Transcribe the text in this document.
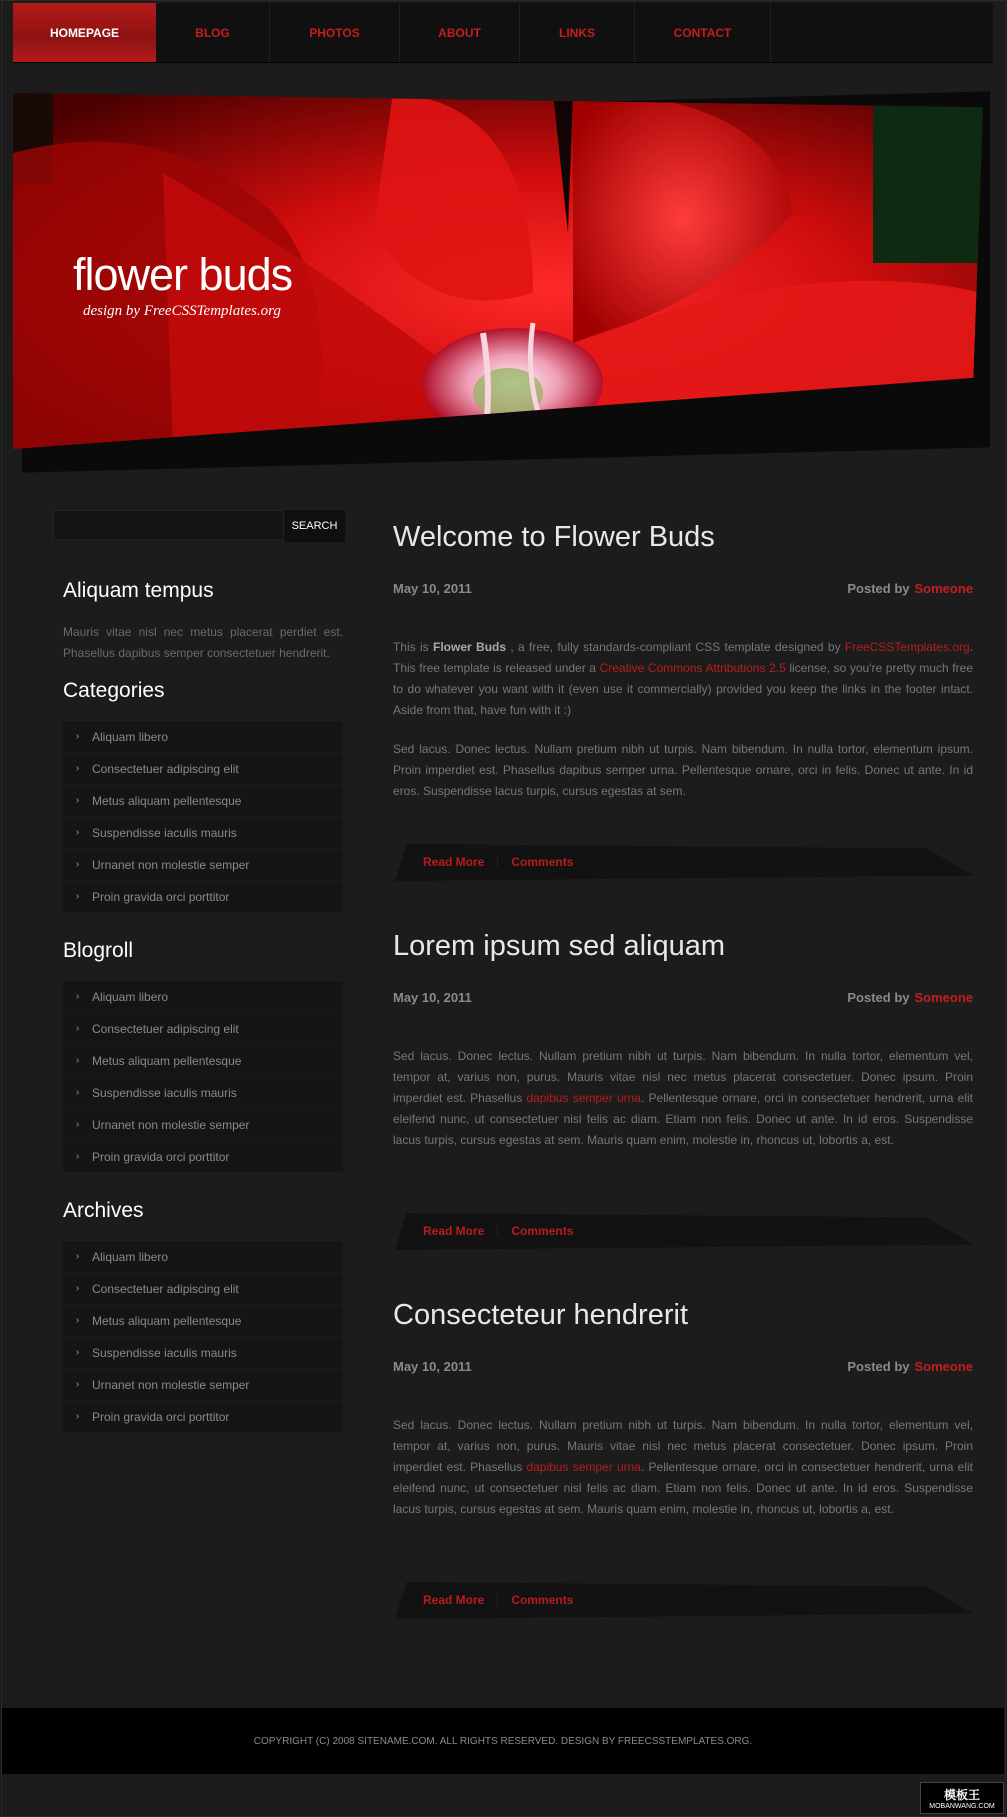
HOMEPAGE	BLOG	PHOTOS	ABOUT	LINKS	CONTACT
flower buds
design by FreeCSSTemplates.org
SEARCH
Aliquam tempus
Mauris vitae nisl nec metus placerat perdiet est. Phasellus dapibus semper consectetuer hendrerit.
Categories
›	Aliquam libero
›	Consectetuer adipiscing elit
›	Metus aliquam pellentesque
›	Suspendisse iaculis mauris
›	Urnanet non molestie semper
›	Proin gravida orci porttitor
Blogroll
›	Aliquam libero
›	Consectetuer adipiscing elit
›	Metus aliquam pellentesque
›	Suspendisse iaculis mauris
›	Urnanet non molestie semper
›	Proin gravida orci porttitor
Archives
›	Aliquam libero
›	Consectetuer adipiscing elit
›	Metus aliquam pellentesque
›	Suspendisse iaculis mauris
›	Urnanet non molestie semper
›	Proin gravida orci porttitor
Welcome to Flower Buds
May 10, 2011	Posted by Someone

This is Flower Buds , a free, fully standards-compliant CSS template designed by FreeCSSTemplates.org. This free template is released under a Creative Commons Attributions 2.5 license, so you're pretty much free to do whatever you want with it (even use it commercially) provided you keep the links in the footer intact. Aside from that, have fun with it :)

Sed lacus. Donec lectus. Nullam pretium nibh ut turpis. Nam bibendum. In nulla tortor, elementum ipsum. Proin imperdiet est. Phasellus dapibus semper urna. Pellentesque ornare, orci in felis. Donec ut ante. In id eros. Suspendisse lacus turpis, cursus egestas at sem.

Read More Comments
Lorem ipsum sed aliquam
May 10, 2011	Posted by Someone

Sed lacus. Donec lectus. Nullam pretium nibh ut turpis. Nam bibendum. In nulla tortor, elementum vel, tempor at, varius non, purus. Mauris vitae nisl nec metus placerat consectetuer. Donec ipsum. Proin imperdiet est. Phasellus dapibus semper urna. Pellentesque ornare, orci in consectetuer hendrerit, urna elit eleifend nunc, ut consectetuer nisl felis ac diam. Etiam non felis. Donec ut ante. In id eros. Suspendisse lacus turpis, cursus egestas at sem. Mauris quam enim, molestie in, rhoncus ut, lobortis a, est.

Read More Comments
Consecteteur hendrerit
May 10, 2011	Posted by Someone

Sed lacus. Donec lectus. Nullam pretium nibh ut turpis. Nam bibendum. In nulla tortor, elementum vel, tempor at, varius non, purus. Mauris vitae nisl nec metus placerat consectetuer. Donec ipsum. Proin imperdiet est. Phasellus dapibus semper urna. Pellentesque ornare, orci in consectetuer hendrerit, urna elit eleifend nunc, ut consectetuer nisl felis ac diam. Etiam non felis. Donec ut ante. In id eros. Suspendisse lacus turpis, cursus egestas at sem. Mauris quam enim, molestie in, rhoncus ut, lobortis a, est.

Read More Comments
COPYRIGHT (C) 2008 SITENAME.COM. ALL RIGHTS RESERVED. DESIGN BY FREECSSTEMPLATES.ORG.
模板王
MOBANWANG.COM
